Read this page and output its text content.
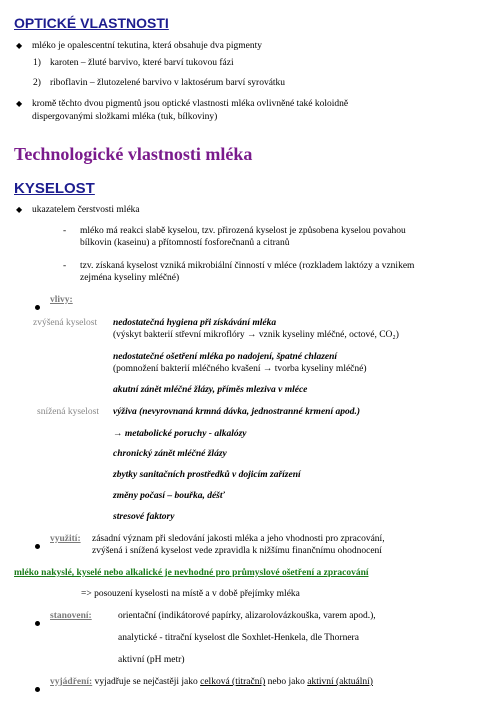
OPTICKÉ VLASTNOSTI
◆ mléko je opalescentní tekutina, která obsahuje dva pigmenty
1) karoten – žluté barvivo, které barví tukovou fázi
2) riboflavin – žlutozelené barvivo v laktosérum barví syrovátku
◆ kromě těchto dvou pigmentů jsou optické vlastnosti mléka ovlivněné také koloidně
dispergovanými složkami mléka (tuk, bílkoviny)
Technologické vlastnosti mléka
KYSELOST
◆ ukazatelem čerstvosti mléka
- mléko má reakci slabě kyselou, tzv. přirozená kyselost je způsobena kyselou povahou
bílkovin (kaseinu) a přítomností fosforečnanů a citranů
- tzv. získaná kyselost vzniká mikrobiální činností v mléce (rozkladem laktózy a vznikem
zejména kyseliny mléčné)
vlivy:
zvýšená kyselost nedostatečná hygiena při získávání mléka
(výskyt bakterií střevní mikroflóry → vznik kyseliny mléčné, octové, CO₂)
nedostatečné ošetření mléka po nadojení, špatné chlazení
(pomnožení bakterií mléčného kvašení → tvorba kyseliny mléčné)
akutní zánět mléčné žlázy, příměs mleziva v mléce
snížená kyselost výživa (nevyrovnaná krmná dávka, jednostranné krmení apod.)
→ metabolické poruchy - alkalózy
chronický zánět mléčné žlázy
zbytky sanitačních prostředků v dojicím zařízení
změny počasí – bouřka, déšť
stresové faktory
využití: zásadní význam při sledování jakosti mléka a jeho vhodnosti pro zpracování,
zvýšená i snížená kyselost vede zpravidla k nižšímu finančnímu ohodnocení
mléko nakyslé, kyselé nebo alkalické je nevhodné pro průmyslové ošetření a zpracování
=> posouzení kyselosti na místě a v době přejímky mléka
stanovení:	orientační (indikátorové papírky, alizarolovázkouška, varem apod.),
analytické - titrační kyselost dle Soxhlet-Henkela, dle Thornera
aktivní (pH metr)
vyjádření: vyjadřuje se nejčastěji jako celková (titrační) nebo jako aktivní (aktuální)
